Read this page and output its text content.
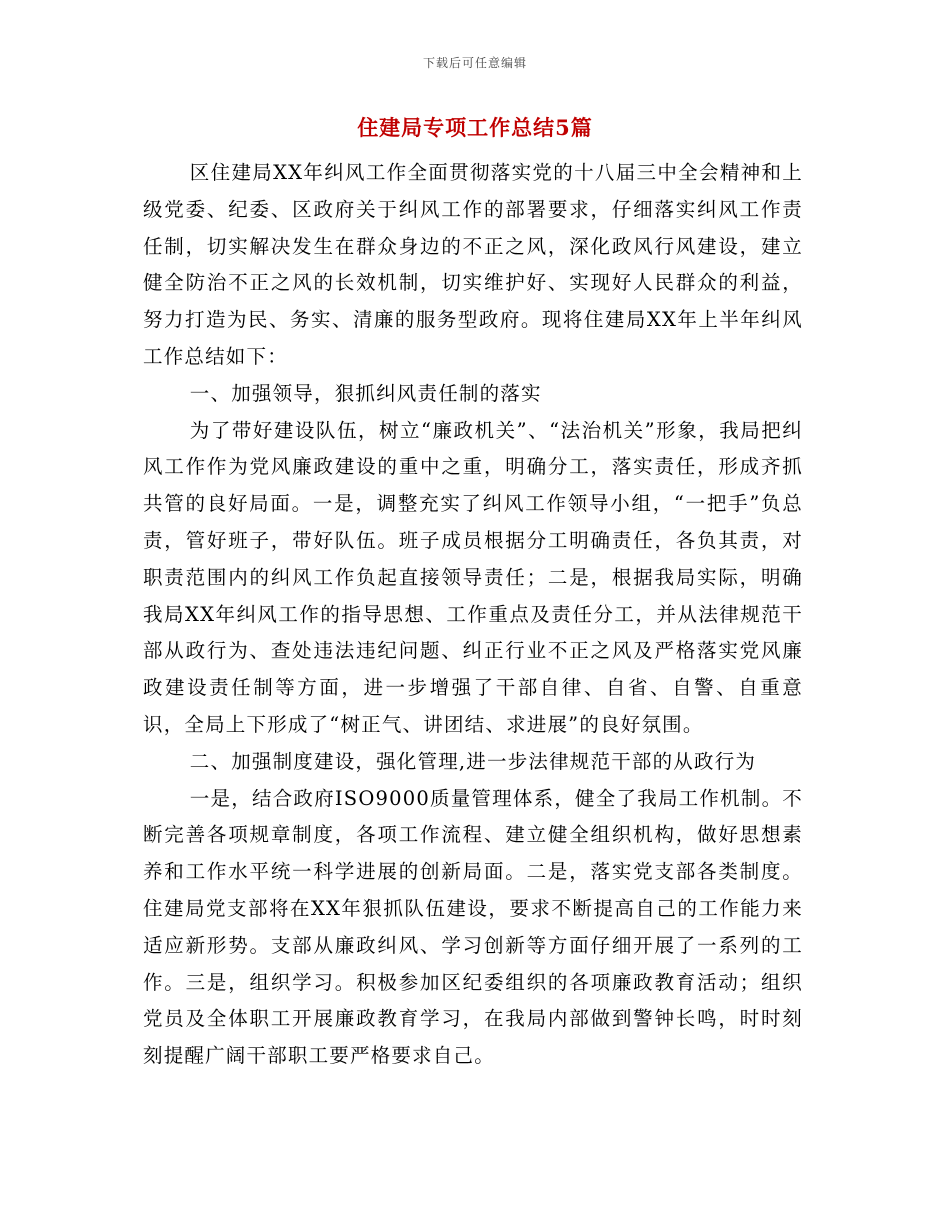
下载后可任意编辑
住建局专项工作总结5篇

区住建局XX年纠风工作全面贯彻落实党的十八届三中全会精神和上级党委、纪委、区政府关于纠风工作的部署要求，仔细落实纠风工作责任制，切实解决发生在群众身边的不正之风，深化政风行风建设，建立健全防治不正之风的长效机制，切实维护好、实现好人民群众的利益，努力打造为民、务实、清廉的服务型政府。现将住建局XX年上半年纠风工作总结如下：

一、加强领导，狠抓纠风责任制的落实

为了带好建设队伍，树立“廉政机关”、“法治机关”形象，我局把纠风工作作为党风廉政建设的重中之重，明确分工，落实责任，形成齐抓共管的良好局面。一是，调整充实了纠风工作领导小组，“一把手”负总责，管好班子，带好队伍。班子成员根据分工明确责任，各负其责，对职责范围内的纠风工作负起直接领导责任；二是，根据我局实际，明确我局XX年纠风工作的指导思想、工作重点及责任分工，并从法律规范干部从政行为、查处违法违纪问题、纠正行业不正之风及严格落实党风廉政建设责任制等方面，进一步增强了干部自律、自省、自警、自重意识，全局上下形成了“树正气、讲团结、求进展”的良好氛围。

二、加强制度建设，强化管理,进一步法律规范干部的从政行为

一是，结合政府ISO9000质量管理体系，健全了我局工作机制。不断完善各项规章制度，各项工作流程、建立健全组织机构，做好思想素养和工作水平统一科学进展的创新局面。二是，落实党支部各类制度。住建局党支部将在XX年狠抓队伍建设，要求不断提高自己的工作能力来适应新形势。支部从廉政纠风、学习创新等方面仔细开展了一系列的工作。三是，组织学习。积极参加区纪委组织的各项廉政教育活动；组织党员及全体职工开展廉政教育学习，在我局内部做到警钟长鸣，时时刻刻提醒广阔干部职工要严格要求自己。
